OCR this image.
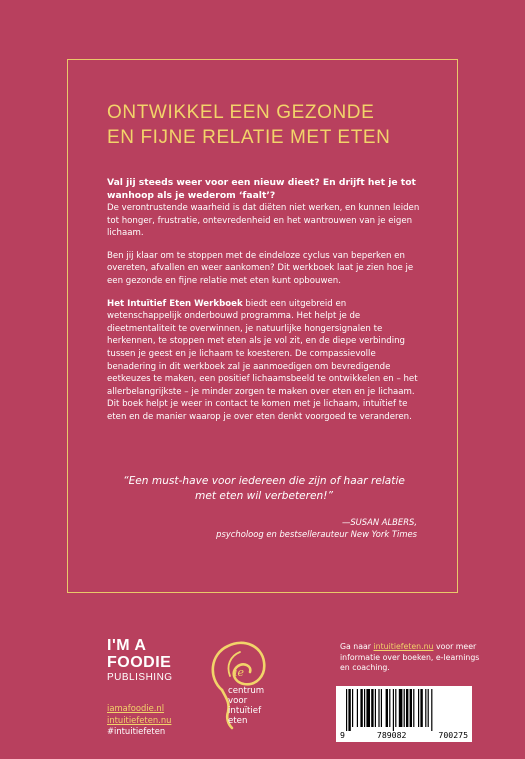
ONTWIKKEL EEN GEZONDE
EN FIJNE RELATIE MET ETEN

Val jij steeds weer voor een nieuw dieet? En drijft het je tot wanhoop als je wederom ‘faalt’?
De verontrustende waarheid is dat diëten niet werken, en kunnen leiden tot honger, frustratie, ontevredenheid en het wantrouwen van je eigen lichaam.

Ben jij klaar om te stoppen met de eindeloze cyclus van beperken en overeten, afvallen en weer aankomen? Dit werkboek laat je zien hoe je een gezonde en fijne relatie met eten kunt opbouwen.

Het Intuïtief Eten Werkboek biedt een uitgebreid en wetenschappelijk onderbouwd programma. Het helpt je de dieetmentaliteit te overwinnen, je natuurlijke hongersignalen te herkennen, te stoppen met eten als je vol zit, en de diepe verbinding tussen je geest en je lichaam te koesteren. De compassievolle benadering in dit werkboek zal je aanmoedigen om bevredigende eetkeuzes te maken, een positief lichaamsbeeld te ontwikkelen en – het allerbelangrijkste – je minder zorgen te maken over eten en je lichaam. Dit boek helpt je weer in contact te komen met je lichaam, intuïtief te eten en de manier waarop je over eten denkt voorgoed te veranderen.

“Een must-have voor iedereen die zijn of haar relatie met eten wil verbeteren!”
—SUSAN ALBERS,
psycholoog en bestsellerauteur New York Times
I'M A
FOODIE
PUBLISHING
iamafoodie.nl
intuitiefeten.nu
#intuitiefeten
ie
centrum
voor
intuïtief
eten
Ga naar intuitiefeten.nu voor meer informatie over boeken, e-learnings en coaching.
9	789082	700275
